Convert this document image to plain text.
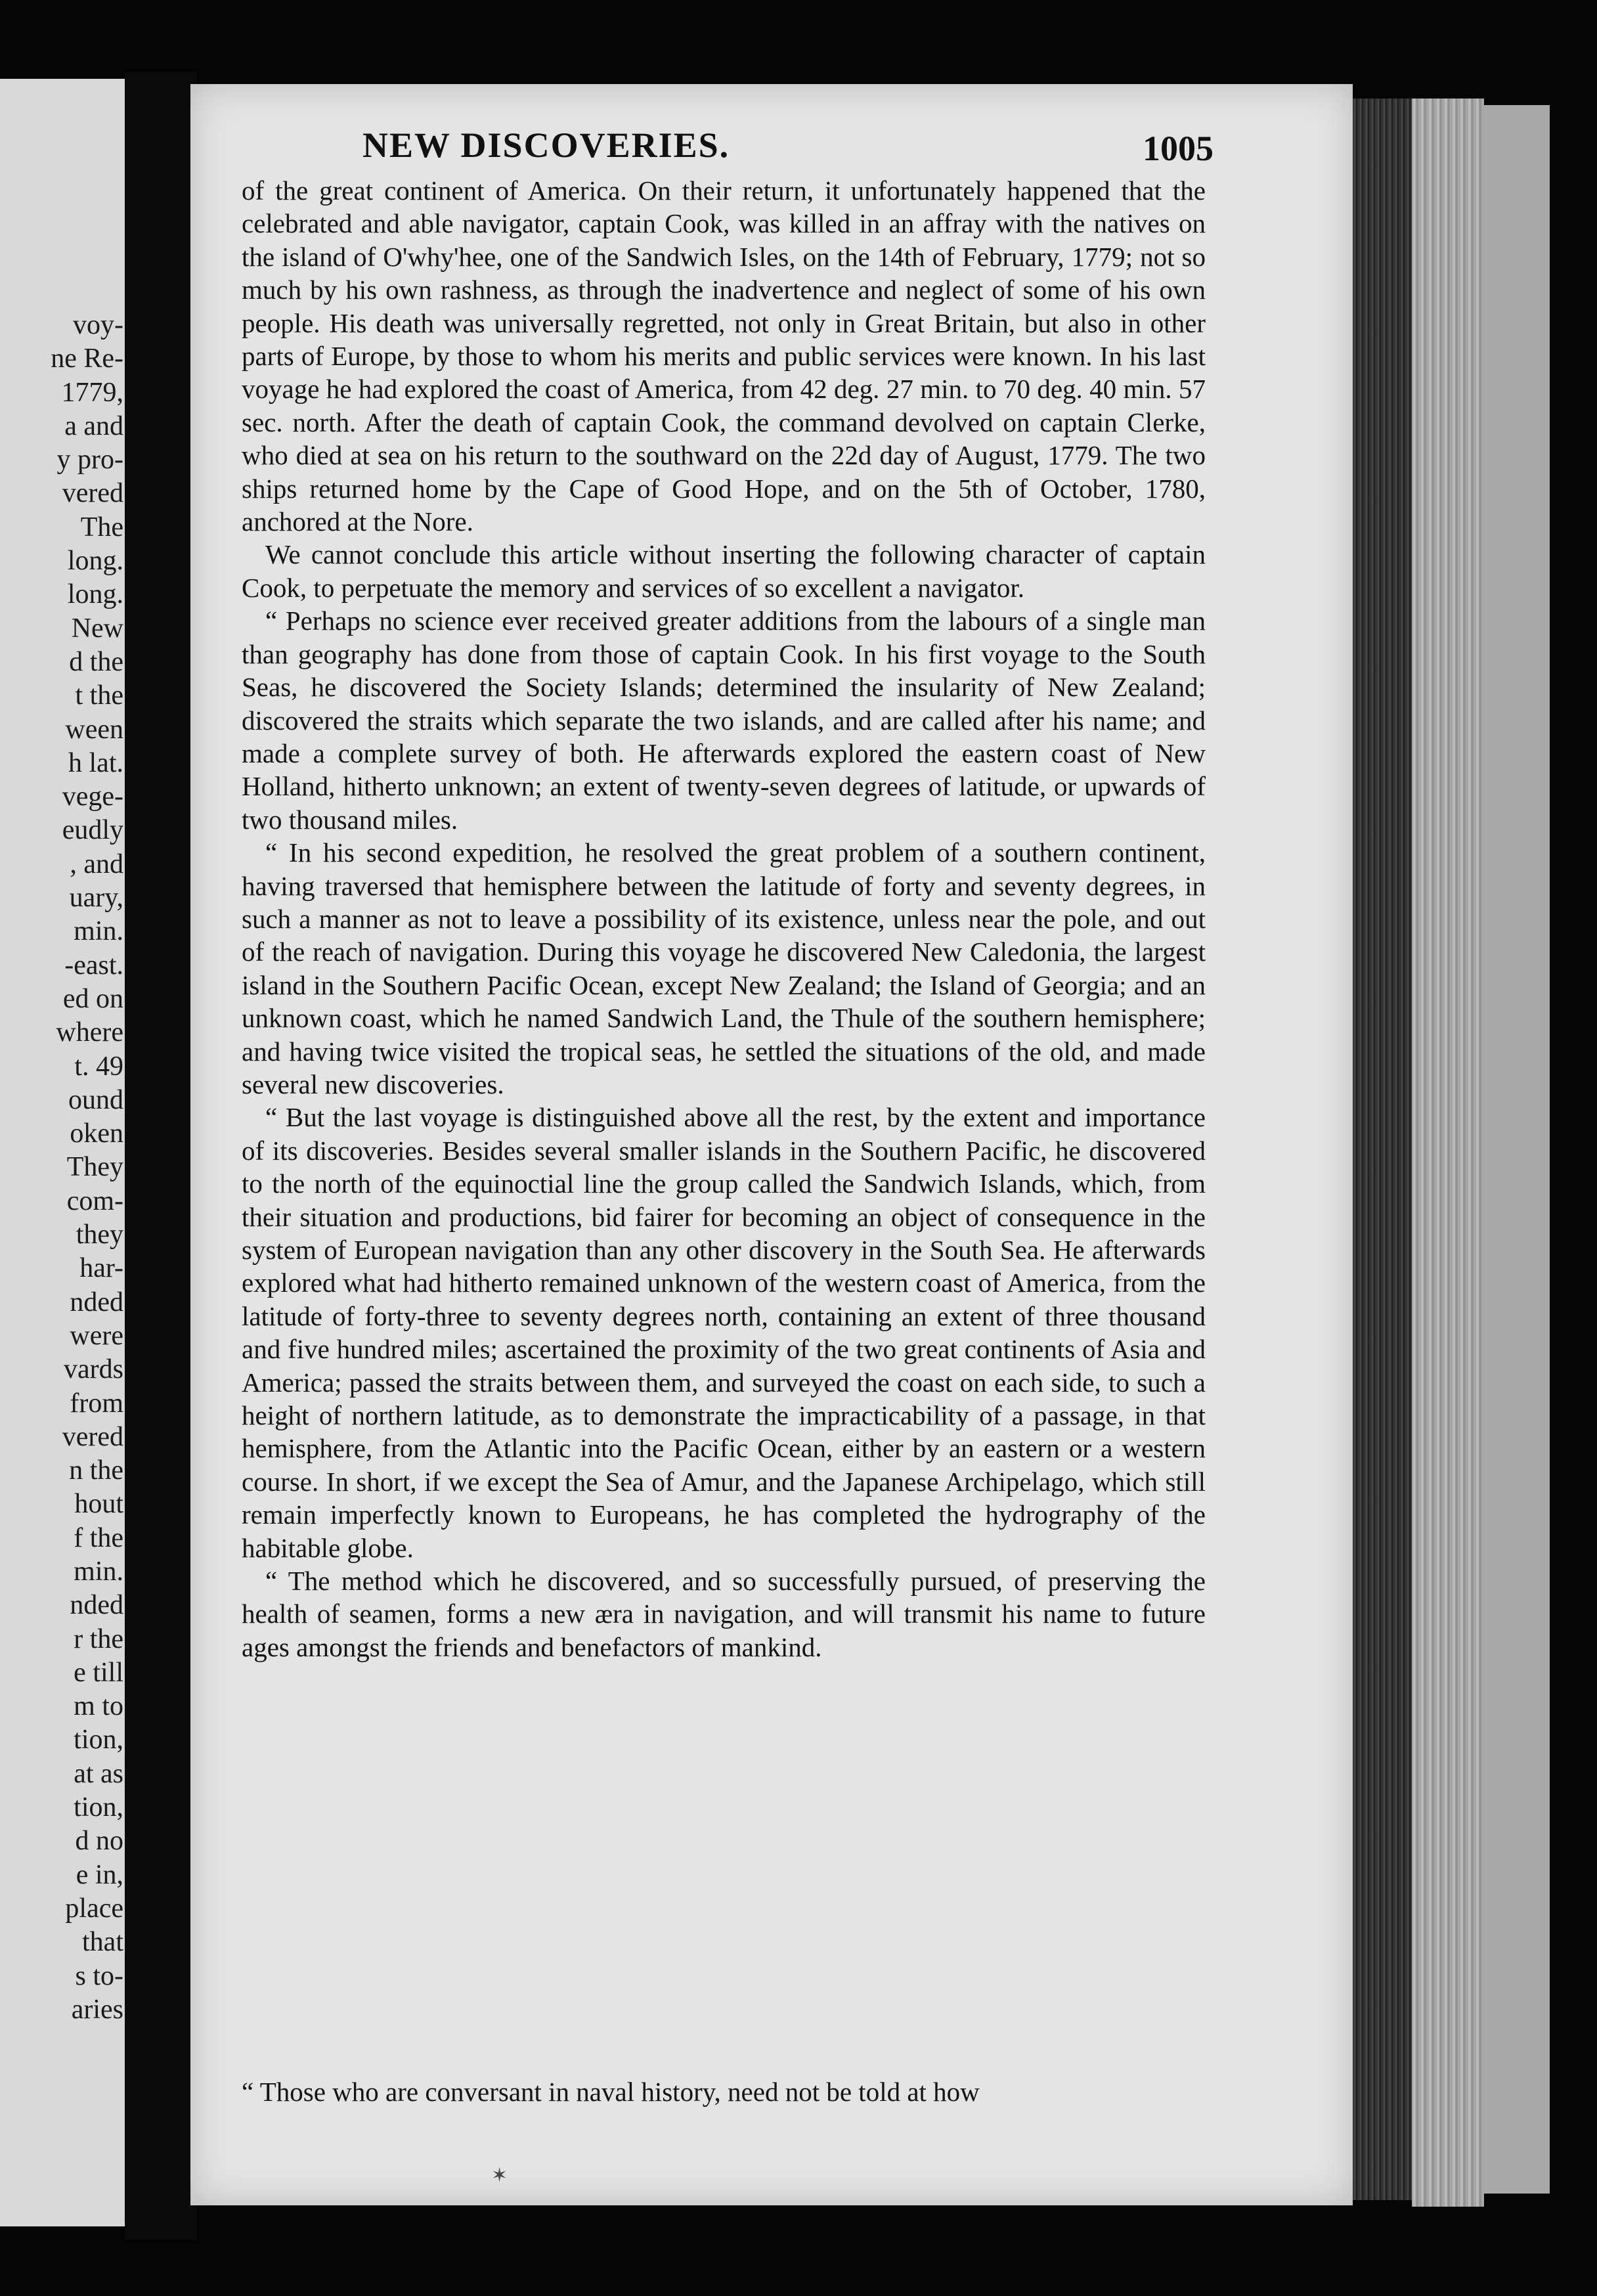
voy-
ne Re-
1779,
a and
y pro-
vered
The
long.
long.
New
d the
t the
ween
h lat.
vege-
eudly
, and
uary,
min.
-east.
ed on
where
t. 49
ound
oken
They
com-
they
har-
nded
were
vards
from
vered
n the
hout
f the
min.
nded
r the
e till
m to
tion,
at as
tion,
d no
e in,
place
that
s to-
aries
NEW DISCOVERIES.	1005

of the great continent of America. On their return, it unfortunately happened that the celebrated and able navigator, captain Cook, was killed in an affray with the natives on the island of O'why'hee, one of the Sandwich Isles, on the 14th of February, 1779; not so much by his own rashness, as through the inadvertence and neglect of some of his own people. His death was universally regretted, not only in Great Britain, but also in other parts of Europe, by those to whom his merits and public services were known. In his last voyage he had explored the coast of America, from 42 deg. 27 min. to 70 deg. 40 min. 57 sec. north. After the death of captain Cook, the command devolved on captain Clerke, who died at sea on his return to the southward on the 22d day of August, 1779. The two ships returned home by the Cape of Good Hope, and on the 5th of October, 1780, anchored at the Nore.

We cannot conclude this article without inserting the following character of captain Cook, to perpetuate the memory and services of so excellent a navigator.

“ Perhaps no science ever received greater additions from the labours of a single man than geography has done from those of captain Cook. In his first voyage to the South Seas, he discovered the Society Islands; determined the insularity of New Zealand; discovered the straits which separate the two islands, and are called after his name; and made a complete survey of both. He afterwards explored the eastern coast of New Holland, hitherto unknown; an extent of twenty-seven degrees of latitude, or upwards of two thousand miles.

“ In his second expedition, he resolved the great problem of a southern continent, having traversed that hemisphere between the latitude of forty and seventy degrees, in such a manner as not to leave a possibility of its existence, unless near the pole, and out of the reach of navigation. During this voyage he discovered New Caledonia, the largest island in the Southern Pacific Ocean, except New Zealand; the Island of Georgia; and an unknown coast, which he named Sandwich Land, the Thule of the southern hemisphere; and having twice visited the tropical seas, he settled the situations of the old, and made several new discoveries.

“ But the last voyage is distinguished above all the rest, by the extent and importance of its discoveries. Besides several smaller islands in the Southern Pacific, he discovered to the north of the equinoctial line the group called the Sandwich Islands, which, from their situation and productions, bid fairer for becoming an object of consequence in the system of European navigation than any other discovery in the South Sea. He afterwards explored what had hitherto remained unknown of the western coast of America, from the latitude of forty-three to seventy degrees north, containing an extent of three thousand and five hundred miles; ascertained the proximity of the two great continents of Asia and America; passed the straits between them, and surveyed the coast on each side, to such a height of northern latitude, as to demonstrate the impracticability of a passage, in that hemisphere, from the Atlantic into the Pacific Ocean, either by an eastern or a western course. In short, if we except the Sea of Amur, and the Japanese Archipelago, which still remain imperfectly known to Europeans, he has completed the hydrography of the habitable globe.

“ The method which he discovered, and so successfully pursued, of preserving the health of seamen, forms a new æra in navigation, and will transmit his name to future ages amongst the friends and benefactors of mankind.

“ Those who are conversant in naval history, need not be told at how
✶
